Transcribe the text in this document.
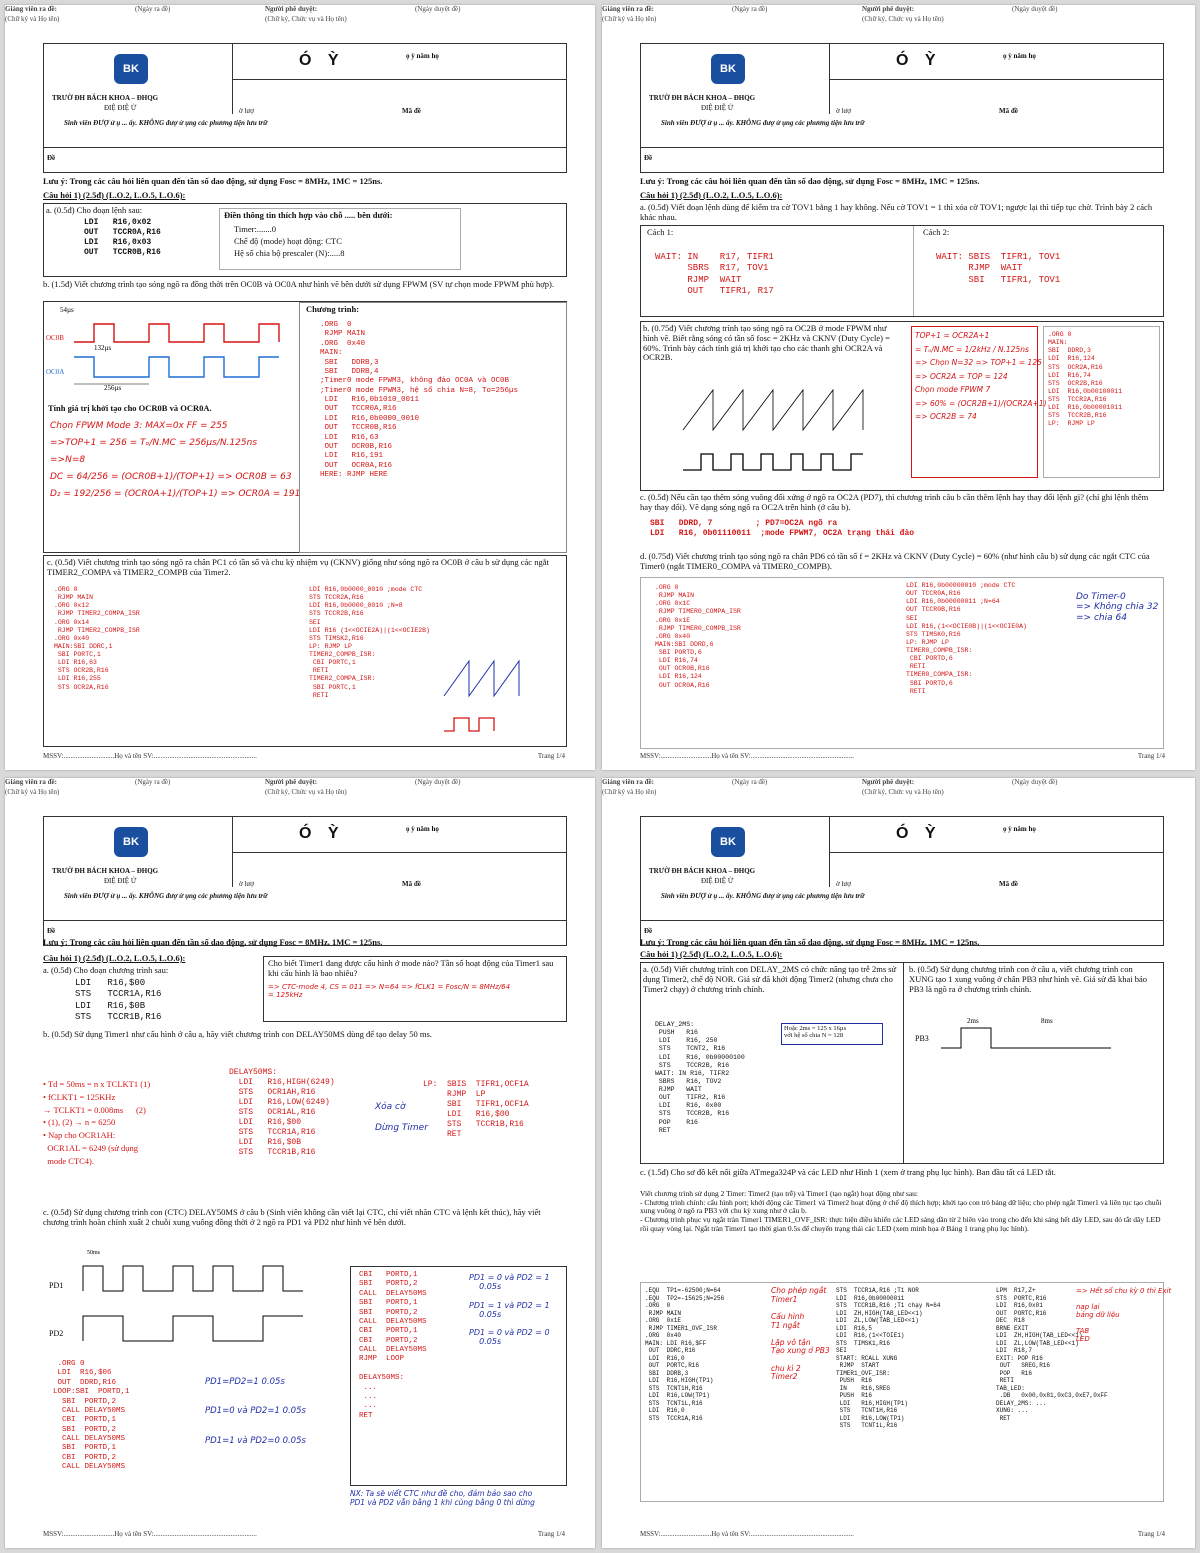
Giảng viên ra đề:
(Chữ ký và Họ tên)
(Ngày ra đề)	Người phê duyệt:
(Chữ ký, Chức vụ và Họ tên)
(Ngày duyệt đề)
BK
TRƯỜ ĐH BÁCH KHOA – ĐHQG
ĐIỆ ĐIỆ Ử
Ó Ỳ	ọ ỳ năm họ
ờ lượ	Mã đề
Sinh viên ĐƯỢ ử ụ ... ấy. KHÔNG đượ ử ụng các phương tiện lưu trữ
Đề
Lưu ý: Trong các câu hỏi liên quan đến tần số dao động, sử dụng Fosc = 8MHz, 1MC = 125ns.
Câu hỏi 1) (2.5đ) (L.O.2, L.O.5, L.O.6):
a. (0.5đ) Cho đoạn lệnh sau:
LDI   R16,0x02
OUT   TCCR0A,R16
LDI   R16,0x03
OUT   TCCR0B,R16
Điền thông tin thích hợp vào chỗ ..... bên dưới:
Timer:.......0
Chế độ (mode) hoạt động: CTC
Hệ số chia bộ prescaler (N):.....8
b. (1.5đ) Viết chương trình tạo sóng ngõ ra đồng thời trên OC0B và OC0A như hình vẽ bên dưới sử dụng FPWM (SV tự chọn mode FPWM phù hợp).
54µs
132µs
256µs
OC0B
OC0A
Chương trình:
.ORG  0
RJMP MAIN
.ORG  0x40
MAIN:
SBI   DDRB,3
SBI   DDRB,4
;Timer0 mode FPWM3, không đảo OC0A và OC0B
;Timer0 mode FPWM3, hệ số chia N=8, To=256µs
LDI   R16,0b1010_0011
OUT   TCCR0A,R16
LDI   R16,0b0000_0010
OUT   TCCR0B,R16
LDI   R16,63
OUT   OCR0B,R16
LDI   R16,191
OUT   OCR0A,R16
HERE: RJMP HERE
Tính giá trị khởi tạo cho OCR0B và OCR0A.
Chọn FPWM Mode 3: MAX=0x FF = 255
=>TOP+1 = 256 = Tₒ/N.MC = 256µs/N.125ns
=>N=8
DC = 64/256 = (OCR0B+1)/(TOP+1) => OCR0B = 63
D₂ = 192/256 = (OCR0A+1)/(TOP+1) => OCR0A = 191
c. (0.5đ) Viết chương trình tạo sóng ngõ ra chân PC1 có tần số và chu kỳ nhiệm vụ (CKNV) giống như sóng ngõ ra OC0B ở câu b sử dụng các ngắt TIMER2_COMPA và TIMER2_COMPB của Timer2.
.ORG 0
RJMP MAIN
.ORG 0x12
RJMP TIMER2_COMPA_ISR
.ORG 0x14
RJMP TIMER2_COMPB_ISR
.ORG 0x40
MAIN:SBI DDRC,1
SBI PORTC,1
LDI R16,63
STS OCR2B,R16
LDI R16,255
STS OCR2A,R16
LDI R16,0b0000_0010 ;mode CTC
STS TCCR2A,R16
LDI R16,0b0000_0010 ;N=8
STS TCCR2B,R16
SEI
LDI R16 (1<<OCIE2A)|(1<<OCIE2B)
STS TIMSK2,R16
LP: RJMP LP
TIMER2_COMPB_ISR:
CBI PORTC,1
RETI
TIMER2_COMPA_ISR:
SBI PORTC,1
RETI
MSSV:.............................Họ và tên SV:...........................................................	Trang 1/4
Giảng viên ra đề:
(Chữ ký và Họ tên)
(Ngày ra đề)	Người phê duyệt:
(Chữ ký, Chức vụ và Họ tên)
(Ngày duyệt đề)
BK
TRƯỜ ĐH BÁCH KHOA – ĐHQG
ĐIỆ ĐIỆ Ử
Ó Ỳ	ọ ỳ năm họ
ờ lượ	Mã đề
Sinh viên ĐƯỢ ử ụ ... ấy. KHÔNG đượ ử ụng các phương tiện lưu trữ
Đề
Lưu ý: Trong các câu hỏi liên quan đến tần số dao động, sử dụng Fosc = 8MHz, 1MC = 125ns.
Câu hỏi 1) (2.5đ) (L.O.2, L.O.5, L.O.6):
a. (0.5đ) Viết đoạn lệnh dùng để kiểm tra cờ TOV1 bằng 1 hay không. Nếu cờ TOV1 = 1 thì xóa cờ TOV1; ngược lại thì tiếp tục chờ. Trình bày 2 cách khác nhau.
Cách 1:	Cách 2:
WAIT: IN    R17, TIFR1
SBRS  R17, TOV1
RJMP  WAIT
OUT   TIFR1, R17
WAIT: SBIS  TIFR1, TOV1
RJMP  WAIT
SBI   TIFR1, TOV1
b. (0.75đ) Viết chương trình tạo sóng ngõ ra OC2B ở mode FPWM như hình vẽ. Biết rằng sóng có tần số fosc = 2KHz và CKNV (Duty Cycle) = 60%. Trình bày cách tính giá trị khởi tạo cho các thanh ghi OCR2A và OCR2B.
TOP+1 = OCR2A+1
= Tₒ/N.MC = 1/2kHz / N.125ns
=> Chọn N=32 => TOP+1 = 125
=> OCR2A = TOP = 124
Chọn mode FPWM 7
=> 60% = (OCR2B+1)/(OCR2A+1)
=> OCR2B = 74
.ORG 0
MAIN:
SBI  DDRD,3
LDI  R16,124
STS  OCR2A,R16
LDI  R16,74
STS  OCR2B,R16
LDI  R16,0b00100011
STS  TCCR2A,R16
LDI  R16,0b00001011
STS  TCCR2B,R16
LP:  RJMP LP
c. (0.5đ) Nếu cần tạo thêm sóng vuông đối xứng ở ngõ ra OC2A (PD7), thì chương trình câu b cần thêm lệnh hay thay đổi lệnh gì? (chỉ ghi lệnh thêm hay thay đổi). Vẽ dạng sóng ngõ ra OC2A trên hình (ở câu b).
SBI   DDRD, 7         ; PD7=OC2A ngõ ra
LDI   R16, 0b01110011  ;mode FPWM7, OC2A trạng thái đảo
d. (0.75đ) Viết chương trình tạo sóng ngõ ra chân PD6 có tần số f = 2KHz và CKNV (Duty Cycle) = 60% (như hình câu b) sử dụng các ngắt CTC của Timer0 (ngắt TIMER0_COMPA và TIMER0_COMPB).
.ORG 0
RJMP MAIN
.ORG 0x1C
RJMP TIMER0_COMPA_ISR
.ORG 0x1E
RJMP TIMER0_COMPB_ISR
.ORG 0x40
MAIN:SBI DDRD,6
SBI PORTD,6
LDI R16,74
OUT OCR0B,R16
LDI R16,124
OUT OCR0A,R16
LDI R16,0b00000010 ;mode CTC
OUT TCCR0A,R16
LDI R16,0b00000011 ;N=64
OUT TCCR0B,R16
SEI
LDI R16,(1<<OCIE0B)|(1<<OCIE0A)
STS TIMSK0,R16
LP: RJMP LP
TIMER0_COMPB_ISR:
CBI PORTD,6
RETI
TIMER0_COMPA_ISR:
SBI PORTD,6
RETI
Do Timer-0
=> Không chia 32
=> chia 64
MSSV:.............................Họ và tên SV:...........................................................	Trang 1/4
Giảng viên ra đề:
(Chữ ký và Họ tên)
(Ngày ra đề)	Người phê duyệt:
(Chữ ký, Chức vụ và Họ tên)
(Ngày duyệt đề)
BK
TRƯỜ ĐH BÁCH KHOA – ĐHQG
ĐIỆ ĐIỆ Ử
Ó Ỳ	ọ ỳ năm họ
ờ lượ	Mã đề
Sinh viên ĐƯỢ ử ụ ... ấy. KHÔNG đượ ử ụng các phương tiện lưu trữ
Đề
Lưu ý: Trong các câu hỏi liên quan đến tần số dao động, sử dụng Fosc = 8MHz, 1MC = 125ns.
Câu hỏi 1) (2.5đ) (L.O.2, L.O.5, L.O.6):
a. (0.5đ) Cho đoạn chương trình sau:
LDI   R16,$00
STS   TCCR1A,R16
LDI   R16,$0B
STS   TCCR1B,R16
Cho biết Timer1 đang được cấu hình ở mode nào? Tần số hoạt động của Timer1 sau khi cấu hình là bao nhiêu?
=> CTC-mode 4, CS = 011 => N=64 => fCLK1 = Fosc/N = 8MHz/64
= 125kHz
b. (0.5đ) Sử dụng Timer1 như cấu hình ở câu a, hãy viết chương trình con DELAY50MS dùng để tạo delay 50 ms.
• Td = 50ms = n x TCLKT1 (1)
• fCLKT1 = 125KHz
→ TCLKT1 = 0.008ms      (2)
• (1), (2) → n = 6250
• Nạp cho OCR1AH:
OCR1AL = 6249 (sử dụng
mode CTC4).
DELAY50MS:
LDI   R16,HIGH(6249)
STS   OCR1AH,R16
LDI   R16,LOW(6249)
STS   OCR1AL,R16
LDI   R16,$00
STS   TCCR1A,R16
LDI   R16,$0B
STS   TCCR1B,R16
LP:  SBIS  TIFR1,OCF1A
RJMP  LP
SBI   TIFR1,OCF1A
LDI   R16,$00
STS   TCCR1B,R16
RET
Xóa cờ

Dừng Timer
c. (0.5đ) Sử dụng chương trình con (CTC) DELAY50MS ở câu b (Sinh viên không cần viết lại CTC, chỉ viết nhãn CTC và lệnh kết thúc), hãy viết chương trình hoàn chỉnh xuất 2 chuỗi xung vuông đồng thời ở 2 ngõ ra PD1 và PD2 như hình vẽ bên dưới.
PD1
PD2
50ms
.ORG 0
LDI  R16,$06
OUT  DDRD,R16
LOOP:SBI  PORTD,1
SBI  PORTD,2
CALL DELAY50MS
CBI  PORTD,1
SBI  PORTD,2
CALL DELAY50MS
SBI  PORTD,1
CBI  PORTD,2
CALL DELAY50MS
PD1=PD2=1 0.05s

PD1=0 và PD2=1 0.05s

PD1=1 và PD2=0 0.05s
CBI   PORTD,1
SBI   PORTD,2
CALL  DELAY50MS
SBI   PORTD,1
SBI   PORTD,2
CALL  DELAY50MS
CBI   PORTD,1
CBI   PORTD,2
CALL  DELAY50MS
RJMP  LOOP

DELAY50MS:
...
...
...
RET
PD1 = 0 và PD2 = 1
0.05s

PD1 = 1 và PD2 = 1
0.05s

PD1 = 0 và PD2 = 0
0.05s
NX: Ta sẽ viết CTC như đề cho, đảm bảo sao cho
PD1 và PD2 vẫn bằng 1 khi cùng bằng 0 thì dừng
MSSV:.............................Họ và tên SV:...........................................................	Trang 1/4
Giảng viên ra đề:
(Chữ ký và Họ tên)
(Ngày ra đề)	Người phê duyệt:
(Chữ ký, Chức vụ và Họ tên)
(Ngày duyệt đề)
BK
TRƯỜ ĐH BÁCH KHOA – ĐHQG
ĐIỆ ĐIỆ Ử
Ó Ỳ	ọ ỳ năm họ
ờ lượ	Mã đề
Sinh viên ĐƯỢ ử ụ ... ấy. KHÔNG đượ ử ụng các phương tiện lưu trữ
Đề
Lưu ý: Trong các câu hỏi liên quan đến tần số dao động, sử dụng Fosc = 8MHz, 1MC = 125ns.
Câu hỏi 1) (2.5đ) (L.O.2, L.O.5, L.O.6):
a. (0.5đ) Viết chương trình con DELAY_2MS có chức năng tạo trễ 2ms sử dụng Timer2, chế độ NOR. Giả sử đã khởi động Timer2 (nhưng chưa cho Timer2 chạy) ở chương trình chính.
DELAY_2MS:
PUSH   R16
LDI    R16, 250
STS    TCNT2, R16
LDI    R16, 0b00000100
STS    TCCR2B, R16
WAIT: IN R16, TIFR2
SBRS   R16, TOV2
RJMP   WAIT
OUT    TIFR2, R16
LDI    R16, 0x00
STS    TCCR2B, R16
POP    R16
RET
Hoặc 2ms = 125 x 16µs
với hệ số chia N = 128
b. (0.5đ) Sử dụng chương trình con ở câu a, viết chương trình con XUNG tạo 1 xung vuông ở chân PB3 như hình vẽ. Giả sử đã khai báo PB3 là ngõ ra ở chương trình chính.
PB3
2ms	8ms
c. (1.5đ) Cho sơ đồ kết nối giữa ATmega324P và các LED như Hình 1 (xem ở trang phụ lục hình). Ban đầu tất cả LED tắt.
Viết chương trình sử dụng 2 Timer: Timer2 (tạo trễ) và Timer1 (tạo ngắt) hoạt động như sau:
- Chương trình chính: cấu hình port; khởi động các Timer1 và Timer2 hoạt động ở chế độ thích hợp; khởi tạo con trỏ bảng dữ liệu; cho phép ngắt Timer1 và liên tục tạo chuỗi xung vuông ở ngõ ra PB3 với chu kỳ xung như ở câu b.
- Chương trình phục vụ ngắt tràn Timer1 TIMER1_OVF_ISR: thực hiện điều khiển các LED sáng dần từ 2 biên vào trong cho đến khi sáng hết dãy LED, sau đó tắt dãy LED rồi quay vòng lại. Ngắt tràn Timer1 tạo thời gian 0.5s để chuyển trạng thái các LED (xem minh họa ở Bảng 1 trang phụ lục hình).
.EQU  TP1=-62500;N=64
.EQU  TP2=-15625;N=256
.ORG  0
RJMP MAIN
.ORG  0x1E
RJMP TIMER1_OVF_ISR
.ORG  0x40
MAIN: LDI R16,$FF
OUT  DDRC,R16
LDI  R16,0
OUT  PORTC,R16
SBI  DDRB,3
LDI  R16,HIGH(TP1)
STS  TCNT1H,R16
LDI  R16,LOW(TP1)
STS  TCNT1L,R16
LDI  R16,0
STS  TCCR1A,R16
Cho phép ngắt
Timer1

Cấu hình
T1 ngắt

Lặp vô tận
Tạo xung ở PB3

chu kì 2
Timer2
STS  TCCR1A,R16 ;T1 NOR
LDI  R16,0b00000011
STS  TCCR1B,R16 ;T1 chạy N=64
LDI  ZH,HIGH(TAB_LED<<1)
LDI  ZL,LOW(TAB_LED<<1)
LDI  R16,5
LDI  R16,(1<<TOIE1)
STS  TIMSK1,R16
SEI
START: RCALL XUNG
RJMP  START
TIMER1_OVF_ISR:
PUSH  R16
IN    R16,SREG
PUSH  R16
LDI   R16,HIGH(TP1)
STS   TCNT1H,R16
LDI   R16,LOW(TP1)
STS   TCNT1L,R16
LPM  R17,Z+
STS  PORTC,R16
LDI  R16,0x01
OUT  PORTC,R16
DEC  R18
BRNE EXIT
LDI  ZH,HIGH(TAB_LED<<1)
LDI  ZL,LOW(TAB_LED<<1)
LDI  R18,7
EXIT: POP R16
OUT   SREG,R16
POP   R16
RETI
TAB_LED:
.DB   0x00,0x81,0xC3,0xE7,0xFF
DELAY_2MS: ...
XUNG: ...
RET
=> Hết số chu kỳ 0 thì Exit

nạp lại
bảng dữ liệu

TAB
LED
MSSV:.............................Họ và tên SV:...........................................................	Trang 1/4
